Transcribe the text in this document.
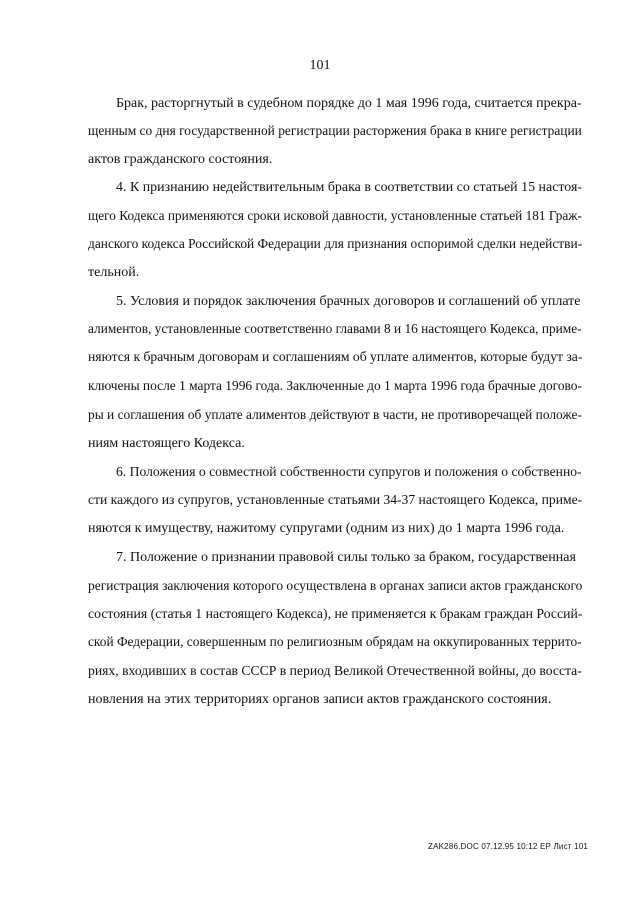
101
Брак, расторгнутый в судебном порядке до 1 мая 1996 года, считается прекра-
щенным со дня государственной регистрации расторжения брака в книге регистрации
актов гражданского состояния.
4. К признанию недействительным брака в соответствии со статьей 15 настоя-
щего Кодекса применяются сроки исковой давности, установленные статьей 181 Граж-
данского кодекса Российской Федерации для признания оспоримой сделки недействи-
тельной.
5. Условия и порядок заключения брачных договоров и соглашений об уплате
алиментов, установленные соответственно главами 8 и 16 настоящего Кодекса, приме-
няются к брачным договорам и соглашениям об уплате алиментов, которые будут за-
ключены после 1 марта 1996 года. Заключенные до 1 марта 1996 года брачные догово-
ры и соглашения об уплате алиментов действуют в части, не противоречащей положе-
ниям настоящего Кодекса.
6. Положения о совместной собственности супругов и положения о собственно-
сти каждого из супругов, установленные статьями 34-37 настоящего Кодекса, приме-
няются к имуществу, нажитому супругами (одним из них) до 1 марта 1996 года.
7. Положение о признании правовой силы только за браком, государственная
регистрация заключения которого осуществлена в органах записи актов гражданского
состояния (статья 1 настоящего Кодекса), не применяется к бракам граждан Россий-
ской Федерации, совершенным по религиозным обрядам на оккупированных террито-
риях, входивших в состав СССР в период Великой Отечественной войны, до восста-
новления на этих территориях органов записи актов гражданского состояния.
ZAK286.DOC 07.12.95 10:12 ЕР Лист 101
